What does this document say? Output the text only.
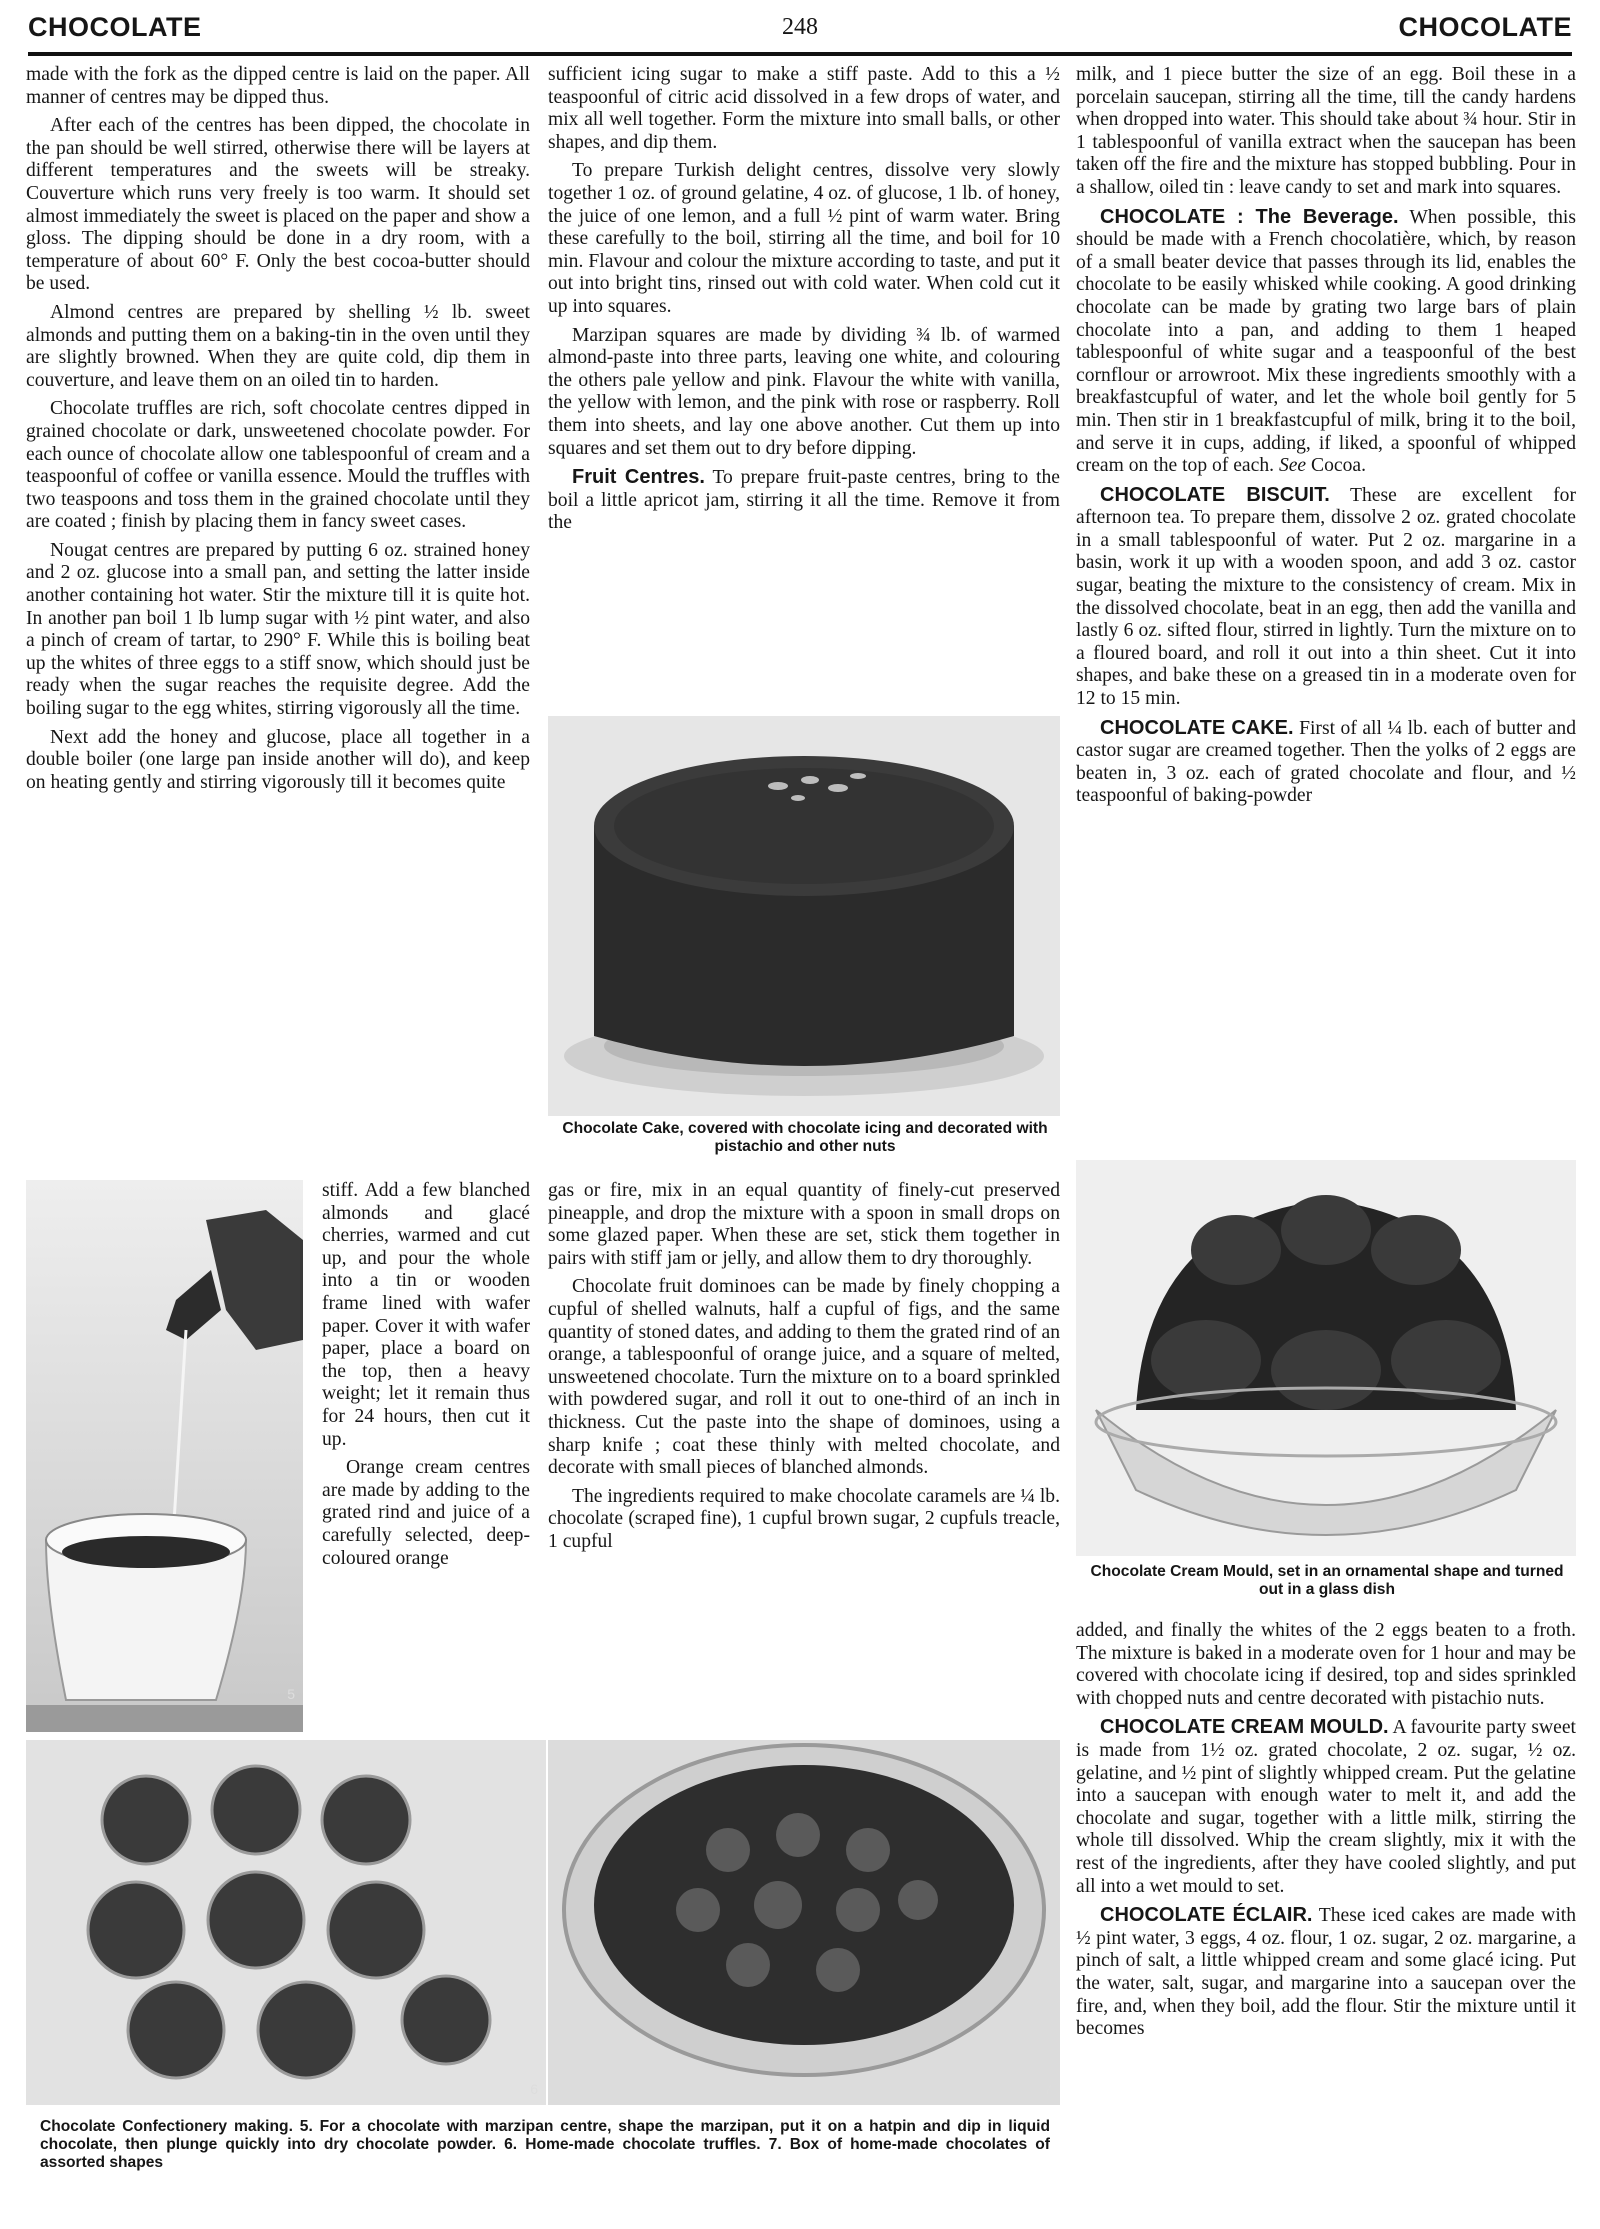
CHOCOLATE	248	CHOCOLATE

made with the fork as the dipped centre is laid on the paper. All manner of centres may be dipped thus.

After each of the centres has been dipped, the chocolate in the pan should be well stirred, otherwise there will be layers at different temperatures and the sweets will be streaky. Couverture which runs very freely is too warm. It should set almost immediately the sweet is placed on the paper and show a gloss. The dipping should be done in a dry room, with a temperature of about 60° F. Only the best cocoa-butter should be used.

Almond centres are prepared by shelling ½ lb. sweet almonds and putting them on a baking-tin in the oven until they are slightly browned. When they are quite cold, dip them in couverture, and leave them on an oiled tin to harden.

Chocolate truffles are rich, soft chocolate centres dipped in grained chocolate or dark, unsweetened chocolate powder. For each ounce of chocolate allow one tablespoonful of cream and a teaspoonful of coffee or vanilla essence. Mould the truffles with two teaspoons and toss them in the grained chocolate until they are coated ; finish by placing them in fancy sweet cases.

Nougat centres are prepared by putting 6 oz. strained honey and 2 oz. glucose into a small pan, and setting the latter inside another containing hot water. Stir the mixture till it is quite hot. In another pan boil 1 lb lump sugar with ½ pint water, and also a pinch of cream of tartar, to 290° F. While this is boiling beat up the whites of three eggs to a stiff snow, which should just be ready when the sugar reaches the requisite degree. Add the boiling sugar to the egg whites, stirring vigorously all the time.

Next add the honey and glucose, place all together in a double boiler (one large pan inside another will do), and keep on heating gently and stirring vigorously till it becomes quite

5

stiff. Add a few blanched almonds and glacé cherries, warmed and cut up, and pour the whole into a tin or wooden frame lined with wafer paper. Cover it with wafer paper, place a board on the top, then a heavy weight; let it remain thus for 24 hours, then cut it up.

Orange cream centres are made by adding to the grated rind and juice of a carefully selected, deep-coloured orange

sufficient icing sugar to make a stiff paste. Add to this a ½ teaspoonful of citric acid dissolved in a few drops of water, and mix all well together. Form the mixture into small balls, or other shapes, and dip them.

To prepare Turkish delight centres, dissolve very slowly together 1 oz. of ground gelatine, 4 oz. of glucose, 1 lb. of honey, the juice of one lemon, and a full ½ pint of warm water. Bring these carefully to the boil, stirring all the time, and boil for 10 min. Flavour and colour the mixture according to taste, and put it out into bright tins, rinsed out with cold water. When cold cut it up into squares.

Marzipan squares are made by dividing ¾ lb. of warmed almond-paste into three parts, leaving one white, and colouring the others pale yellow and pink. Flavour the white with vanilla, the yellow with lemon, and the pink with rose or raspberry. Roll them into sheets, and lay one above another. Cut them up into squares and set them out to dry before dipping.

Fruit Centres. To prepare fruit-paste centres, bring to the boil a little apricot jam, stirring it all the time. Remove it from the

Chocolate Cake, covered with chocolate icing and decorated with pistachio and other nuts

gas or fire, mix in an equal quantity of finely-cut preserved pineapple, and drop the mixture with a spoon in small drops on some glazed paper. When these are set, stick them together in pairs with stiff jam or jelly, and allow them to dry thoroughly.

Chocolate fruit dominoes can be made by finely chopping a cupful of shelled walnuts, half a cupful of figs, and the same quantity of stoned dates, and adding to them the grated rind of an orange, a tablespoonful of orange juice, and a square of melted, unsweetened chocolate. Turn the mixture on to a board sprinkled with powdered sugar, and roll it out to one-third of an inch in thickness. Cut the paste into the shape of dominoes, using a sharp knife ; coat these thinly with melted chocolate, and decorate with small pieces of blanched almonds.

The ingredients required to make chocolate caramels are ¼ lb. chocolate (scraped fine), 1 cupful brown sugar, 2 cupfuls treacle, 1 cupful

milk, and 1 piece butter the size of an egg. Boil these in a porcelain saucepan, stirring all the time, till the candy hardens when dropped into water. This should take about ¾ hour. Stir in 1 tablespoonful of vanilla extract when the saucepan has been taken off the fire and the mixture has stopped bubbling. Pour in a shallow, oiled tin : leave candy to set and mark into squares.

CHOCOLATE : The Beverage. When possible, this should be made with a French chocolatière, which, by reason of a small beater device that passes through its lid, enables the chocolate to be easily whisked while cooking. A good drinking chocolate can be made by grating two large bars of plain chocolate into a pan, and adding to them 1 heaped tablespoonful of white sugar and a teaspoonful of the best cornflour or arrowroot. Mix these ingredients smoothly with a breakfastcupful of water, and let the whole boil gently for 5 min. Then stir in 1 breakfastcupful of milk, bring it to the boil, and serve it in cups, adding, if liked, a spoonful of whipped cream on the top of each. See Cocoa.

CHOCOLATE BISCUIT. These are excellent for afternoon tea. To prepare them, dissolve 2 oz. grated chocolate in a small tablespoonful of water. Put 2 oz. margarine in a basin, work it up with a wooden spoon, and add 3 oz. castor sugar, beating the mixture to the consistency of cream. Mix in the dissolved chocolate, beat in an egg, then add the vanilla and lastly 6 oz. sifted flour, stirred in lightly. Turn the mixture on to a floured board, and roll it out into a thin sheet. Cut it into shapes, and bake these on a greased tin in a moderate oven for 12 to 15 min.

CHOCOLATE CAKE. First of all ¼ lb. each of butter and castor sugar are creamed together. Then the yolks of 2 eggs are beaten in, 3 oz. each of grated chocolate and flour, and ½ teaspoonful of baking-powder

Chocolate Cream Mould, set in an ornamental shape and turned out in a glass dish

added, and finally the whites of the 2 eggs beaten to a froth. The mixture is baked in a moderate oven for 1 hour and may be covered with chocolate icing if desired, top and sides sprinkled with chopped nuts and centre decorated with pistachio nuts.

CHOCOLATE CREAM MOULD. A favourite party sweet is made from 1½ oz. grated chocolate, 2 oz. sugar, ½ oz. gelatine, and ½ pint of slightly whipped cream. Put the gelatine into a saucepan with enough water to melt it, and add the chocolate and sugar, together with a little milk, stirring the whole till dissolved. Whip the cream slightly, mix it with the rest of the ingredients, after they have cooled slightly, and put all into a wet mould to set.

CHOCOLATE ÉCLAIR. These iced cakes are made with ½ pint water, 3 eggs, 4 oz. flour, 1 oz. sugar, 2 oz. margarine, a pinch of salt, a little whipped cream and some glacé icing. Put the water, salt, sugar, and margarine into a saucepan over the fire, and, when they boil, add the flour. Stir the mixture until it becomes

6	7
Chocolate Confectionery making. 5. For a chocolate with marzipan centre, shape the marzipan, put it on a hatpin and dip in liquid chocolate, then plunge quickly into dry chocolate powder. 6. Home-made chocolate truffles. 7. Box of home-made chocolates of assorted shapes
